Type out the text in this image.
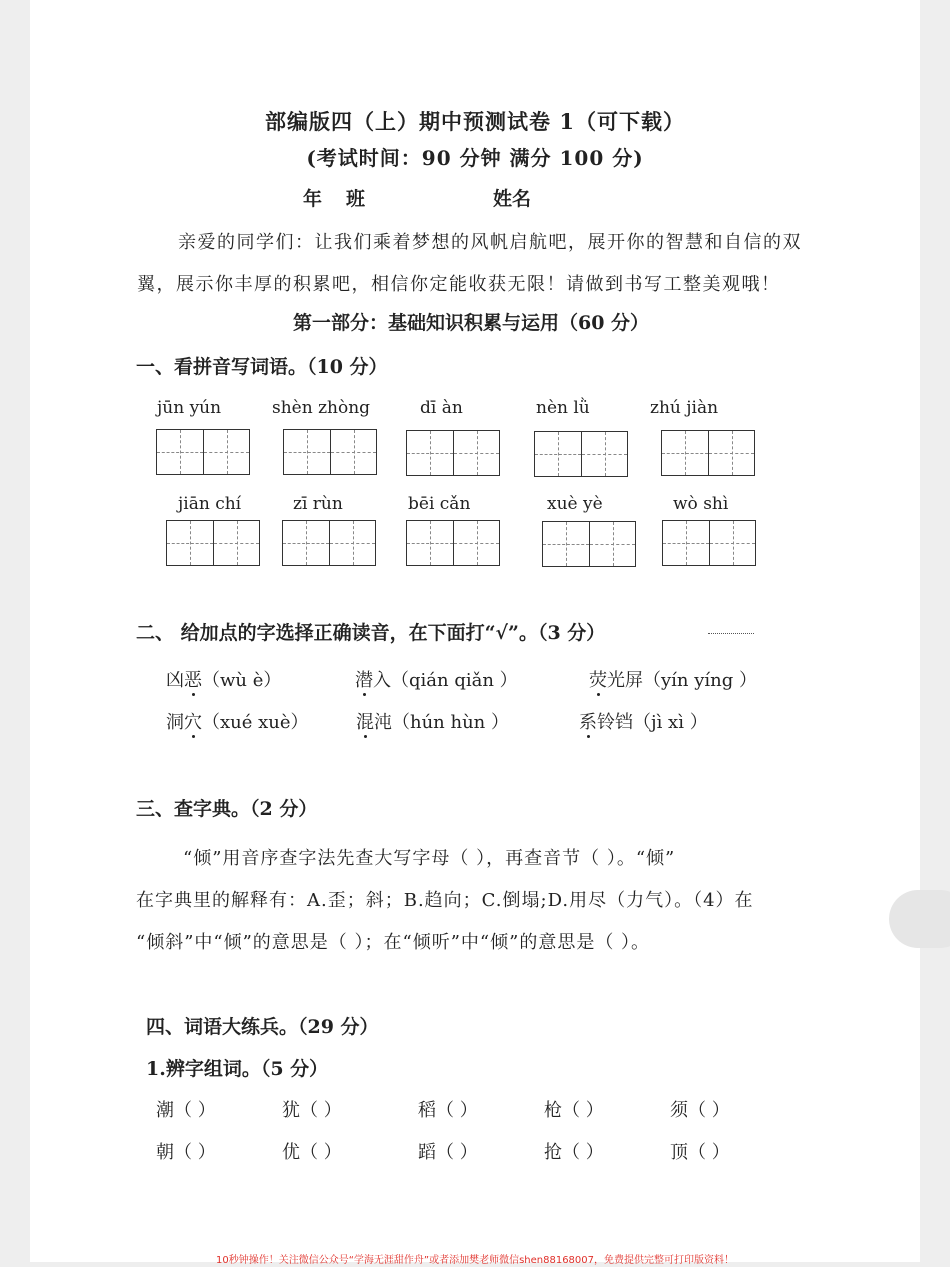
部编版四（上）期中预测试卷 1（可下载）
(考试时间：90 分钟 满分 100 分)
年 班	姓名
亲爱的同学们：让我们乘着梦想的风帆启航吧，展开你的智慧和自信的双
翼，展示你丰厚的积累吧，相信你定能收获无限！请做到书写工整美观哦！
第一部分：基础知识积累与运用（60 分）
一、看拼音写词语。（10 分）
jūn yún	shèn zhòng	dī àn	nèn lǜ	zhú jiàn
jiān chí	zī rùn	bēi cǎn	xuè yè	wò shì
二、 给加点的字选择正确读音，在下面打“√”。（3 分）
凶恶（wù è）	潜入（qián qiǎn ）	荧光屏（yín yíng ）
洞穴（xué xuè）	混沌（hún hùn ）	系铃铛（jì xì ）
三、查字典。（2 分）
“倾”用音序查字法先查大写字母（ ），再查音节（ ）。“倾”
在字典里的解释有：A.歪；斜；B.趋向；C.倒塌;D.用尽（力气）。（4）在
“倾斜”中“倾”的意思是（ ）；在“倾听”中“倾”的意思是（ ）。
四、词语大练兵。（29 分）
1.辨字组词。（5 分）
潮（ ）	犹（ ）	稻（ ）	枪（ ）	须（ ）
朝（ ）	优（ ）	蹈（ ）	抢（ ）	顶（ ）
10秒钟操作！关注微信公众号“学海无涯甜作舟”或者添加樊老师微信shen88168007，免费提供完整可打印版资料！
